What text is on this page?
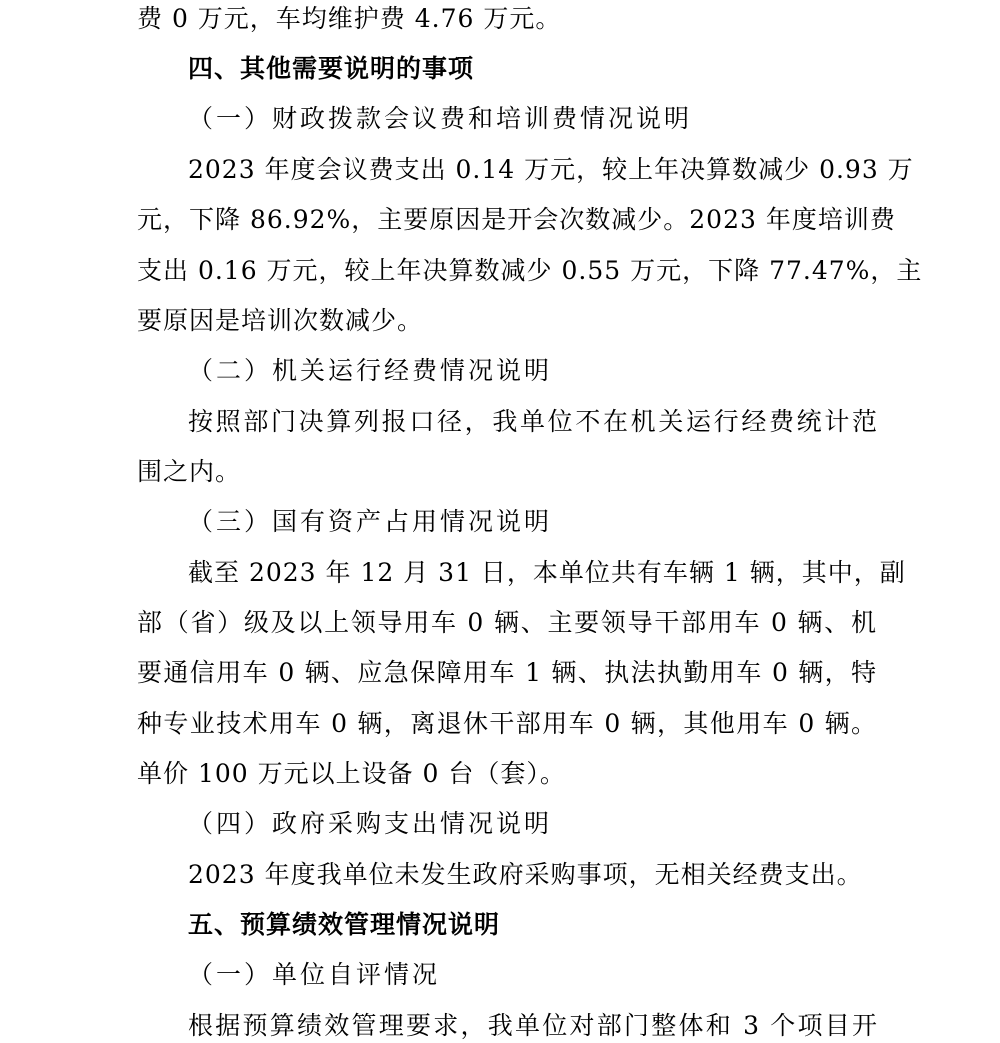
费 0 万元，车均维护费 4.76 万元。
四、其他需要说明的事项
（一）财政拨款会议费和培训费情况说明
2023 年度会议费支出 0.14 万元，较上年决算数减少 0.93 万
元，下降 86.92%，主要原因是开会次数减少。2023 年度培训费
支出 0.16 万元，较上年决算数减少 0.55 万元，下降 77.47%，主
要原因是培训次数减少。
（二）机关运行经费情况说明
按照部门决算列报口径，我单位不在机关运行经费统计范
围之内。
（三）国有资产占用情况说明
截至 2023 年 12 月 31 日，本单位共有车辆 1 辆，其中，副
部（省）级及以上领导用车 0 辆、主要领导干部用车 0 辆、机
要通信用车 0 辆、应急保障用车 1 辆、执法执勤用车 0 辆，特
种专业技术用车 0 辆，离退休干部用车 0 辆，其他用车 0 辆。
单价 100 万元以上设备 0 台（套）。
（四）政府采购支出情况说明
2023 年度我单位未发生政府采购事项，无相关经费支出。
五、预算绩效管理情况说明
（一）单位自评情况
根据预算绩效管理要求，我单位对部门整体和 3 个项目开
